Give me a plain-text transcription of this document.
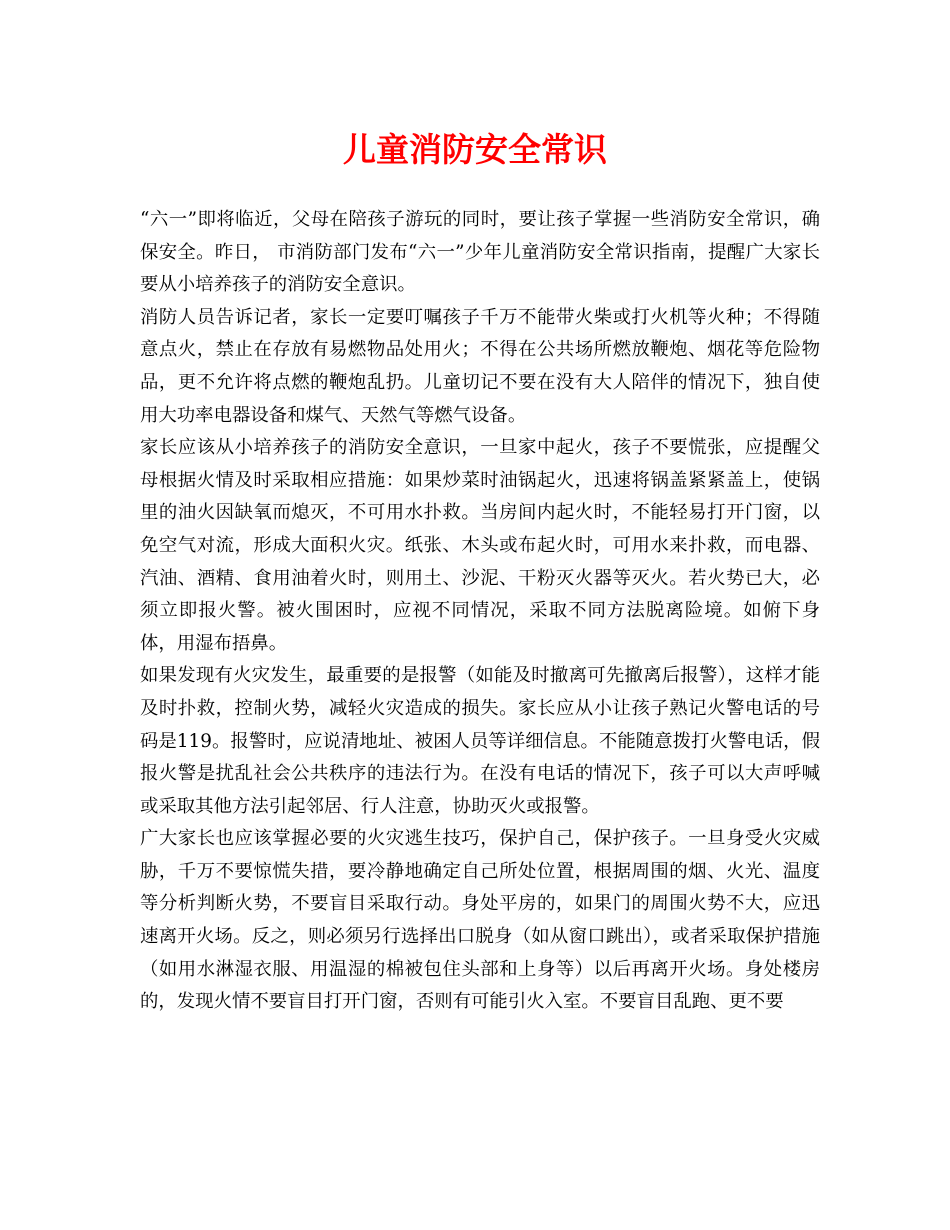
儿童消防安全常识

“六一”即将临近，父母在陪孩子游玩的同时，要让孩子掌握一些消防安全常识，确保安全。昨日， 市消防部门发布“六一”少年儿童消防安全常识指南，提醒广大家长要从小培养孩子的消防安全意识。

消防人员告诉记者，家长一定要叮嘱孩子千万不能带火柴或打火机等火种；不得随意点火，禁止在存放有易燃物品处用火；不得在公共场所燃放鞭炮、烟花等危险物品，更不允许将点燃的鞭炮乱扔。儿童切记不要在没有大人陪伴的情况下，独自使用大功率电器设备和煤气、天然气等燃气设备。

家长应该从小培养孩子的消防安全意识，一旦家中起火，孩子不要慌张，应提醒父母根据火情及时采取相应措施：如果炒菜时油锅起火，迅速将锅盖紧紧盖上，使锅里的油火因缺氧而熄灭，不可用水扑救。当房间内起火时，不能轻易打开门窗，以免空气对流，形成大面积火灾。纸张、木头或布起火时，可用水来扑救，而电器、汽油、酒精、食用油着火时，则用土、沙泥、干粉灭火器等灭火。若火势已大，必须立即报火警。被火围困时，应视不同情况，采取不同方法脱离险境。如俯下身体，用湿布捂鼻。

如果发现有火灾发生，最重要的是报警（如能及时撤离可先撤离后报警），这样才能及时扑救，控制火势，减轻火灾造成的损失。家长应从小让孩子熟记火警电话的号码是119。报警时，应说清地址、被困人员等详细信息。不能随意拨打火警电话，假报火警是扰乱社会公共秩序的违法行为。在没有电话的情况下，孩子可以大声呼喊或采取其他方法引起邻居、行人注意，协助灭火或报警。

广大家长也应该掌握必要的火灾逃生技巧，保护自己，保护孩子。一旦身受火灾威胁，千万不要惊慌失措，要冷静地确定自己所处位置，根据周围的烟、火光、温度等分析判断火势，不要盲目采取行动。身处平房的，如果门的周围火势不大，应迅速离开火场。反之，则必须另行选择出口脱身（如从窗口跳出），或者采取保护措施（如用水淋湿衣服、用温湿的棉被包住头部和上身等）以后再离开火场。身处楼房的，发现火情不要盲目打开门窗，否则有可能引火入室。不要盲目乱跑、更不要
